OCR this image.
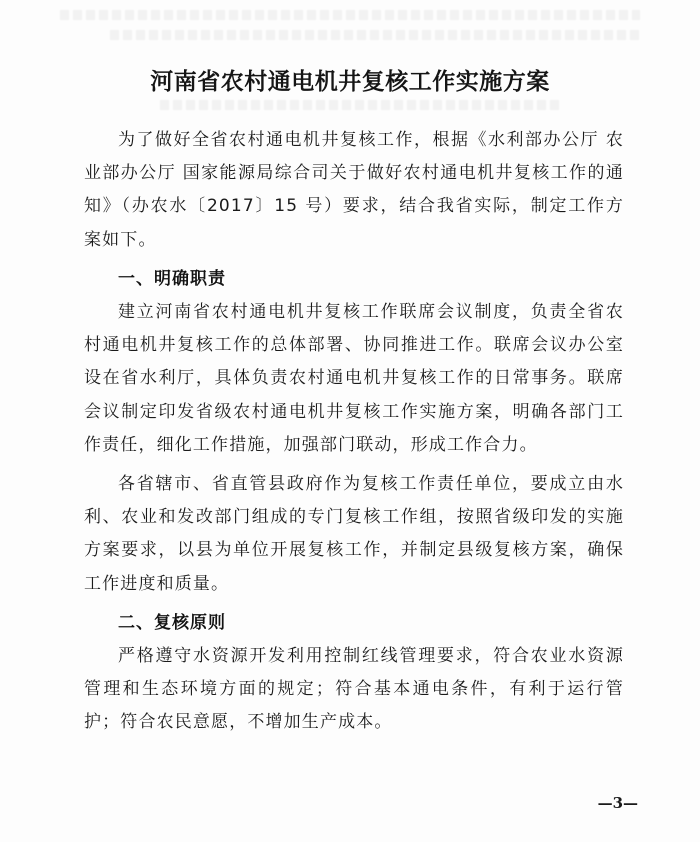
河南省农村通电机井复核工作实施方案

为了做好全省农村通电机井复核工作，根据《水利部办公厅 农业部办公厅 国家能源局综合司关于做好农村通电机井复核工作的通知》（办农水〔2017〕15 号）要求，结合我省实际，制定工作方案如下。

一、明确职责

建立河南省农村通电机井复核工作联席会议制度，负责全省农村通电机井复核工作的总体部署、协同推进工作。联席会议办公室设在省水利厅，具体负责农村通电机井复核工作的日常事务。联席会议制定印发省级农村通电机井复核工作实施方案，明确各部门工作责任，细化工作措施，加强部门联动，形成工作合力。

各省辖市、省直管县政府作为复核工作责任单位，要成立由水利、农业和发改部门组成的专门复核工作组，按照省级印发的实施方案要求，以县为单位开展复核工作，并制定县级复核方案，确保工作进度和质量。

二、复核原则

严格遵守水资源开发利用控制红线管理要求，符合农业水资源管理和生态环境方面的规定；符合基本通电条件，有利于运行管护；符合农民意愿，不增加生产成本。

—3—
